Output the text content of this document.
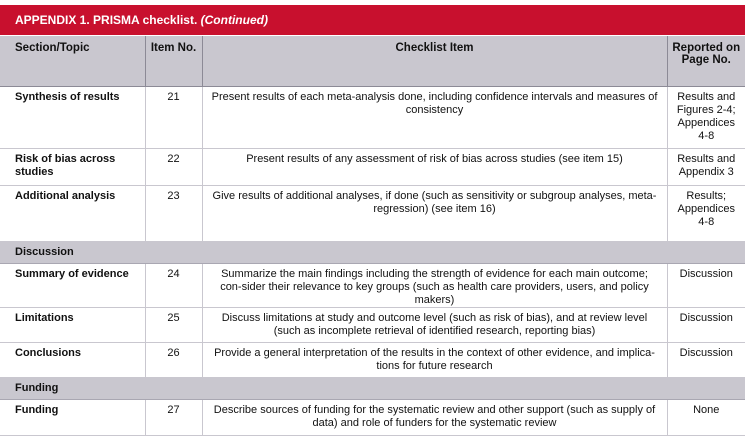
APPENDIX 1. PRISMA checklist. (Continued)
Section/Topic	Item No.	Checklist Item	Reported on Page No.
Synthesis of results	21	Present results of each meta-analysis done, including confidence intervals and measures of consistency	Results and Figures 2-4; Appendices 4-8
Risk of bias across studies	22	Present results of any assessment of risk of bias across studies (see item 15)	Results and Appendix 3
Additional analysis	23	Give results of additional analyses, if done (such as sensitivity or subgroup analyses, meta-regression) (see item 16)	Results; Appendices 4-8
Discussion			
Summary of evidence	24	Summarize the main findings including the strength of evidence for each main outcome; con-sider their relevance to key groups (such as health care providers, users, and policy makers)	Discussion
Limitations	25	Discuss limitations at study and outcome level (such as risk of bias), and at review level (such as incomplete retrieval of identified research, reporting bias)	Discussion
Conclusions	26	Provide a general interpretation of the results in the context of other evidence, and implica-tions for future research	Discussion
Funding			
Funding	27	Describe sources of funding for the systematic review and other support (such as supply of data) and role of funders for the systematic review	None
